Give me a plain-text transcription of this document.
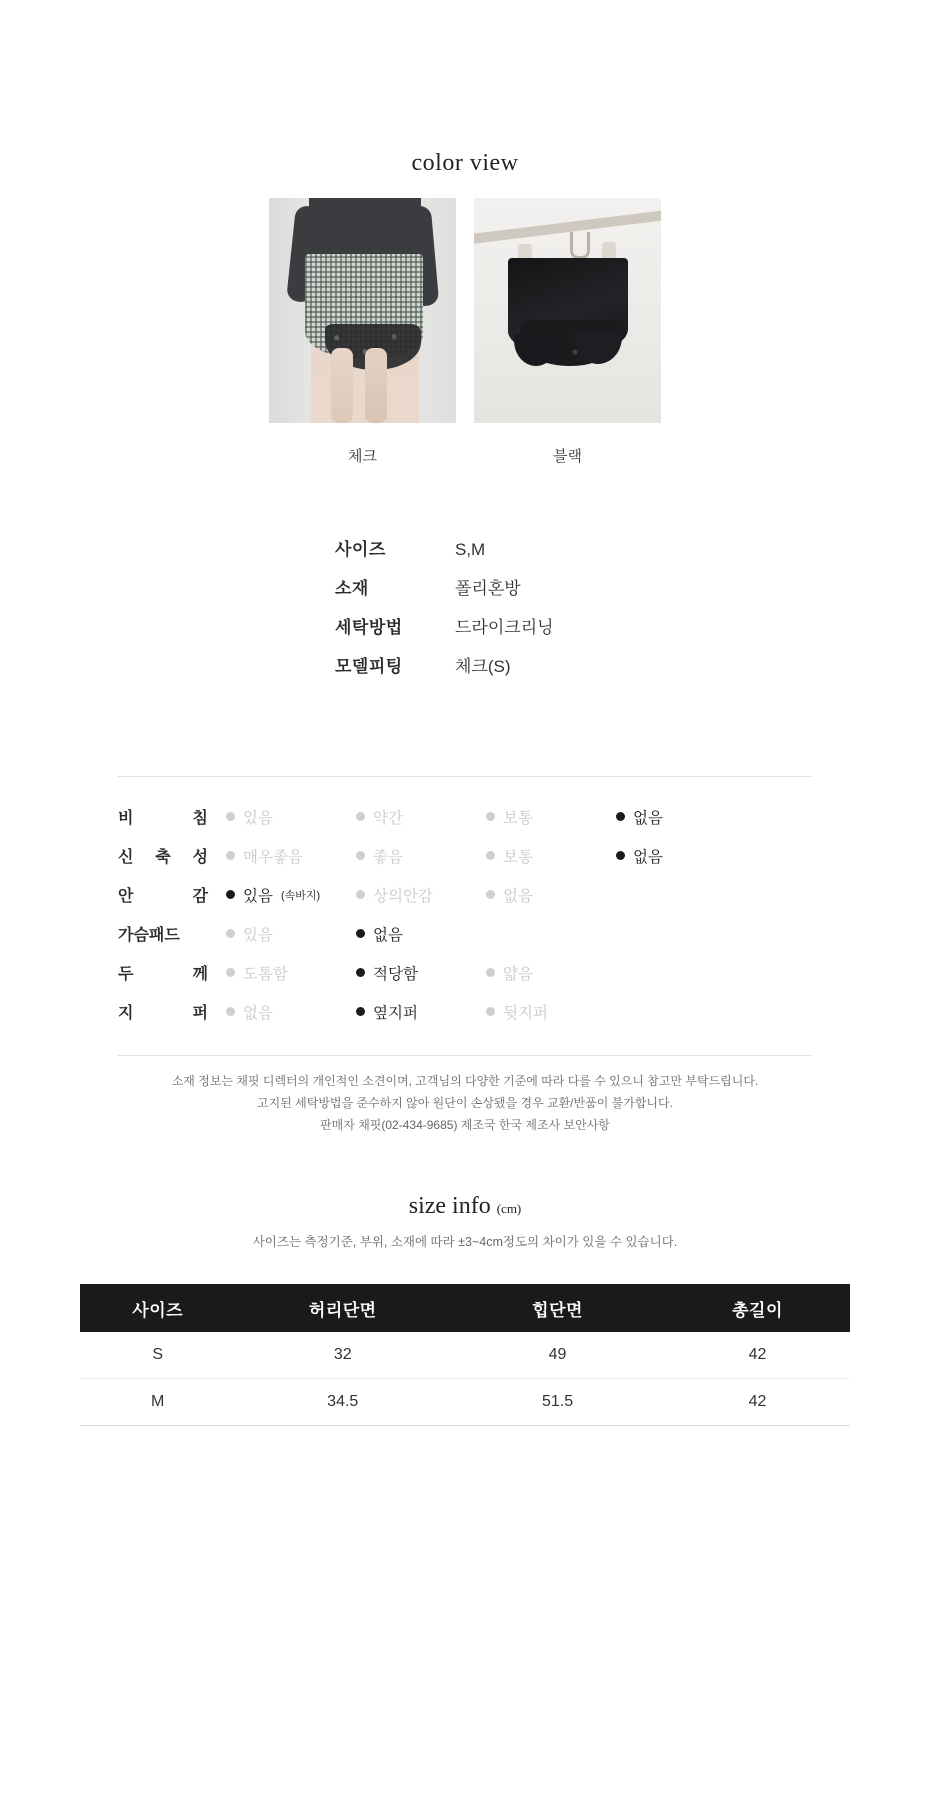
color view
체크	블랙
사이즈	S,M
소재	폴리혼방
세탁방법	드라이크리닝
모델피팅	체크(S)
비	침 있음	약간	보통	없음
신 축 성 매우좋음	좋음	보통	없음
안	감 있음 (속바지)	상의안감	없음
가슴패드	있음	없음
두	께 도톰함	적당함	얇음
지	퍼 없음	옆지퍼	뒷지퍼
소재 정보는 채핏 디렉터의 개인적인 소견이며, 고객님의 다양한 기준에 따라 다를 수 있으니 참고만 부탁드립니다.
고지된 세탁방법을 준수하지 않아 원단이 손상됐을 경우 교환/반품이 불가합니다.
판매자 채핏(02-434-9685) 제조국 한국 제조사 보안사항
size info (cm)
사이즈는 측정기준, 부위, 소재에 따라 ±3~4cm정도의 차이가 있을 수 있습니다.
사이즈	허리단면	힙단면	총길이
S	32	49	42
M	34.5	51.5	42
